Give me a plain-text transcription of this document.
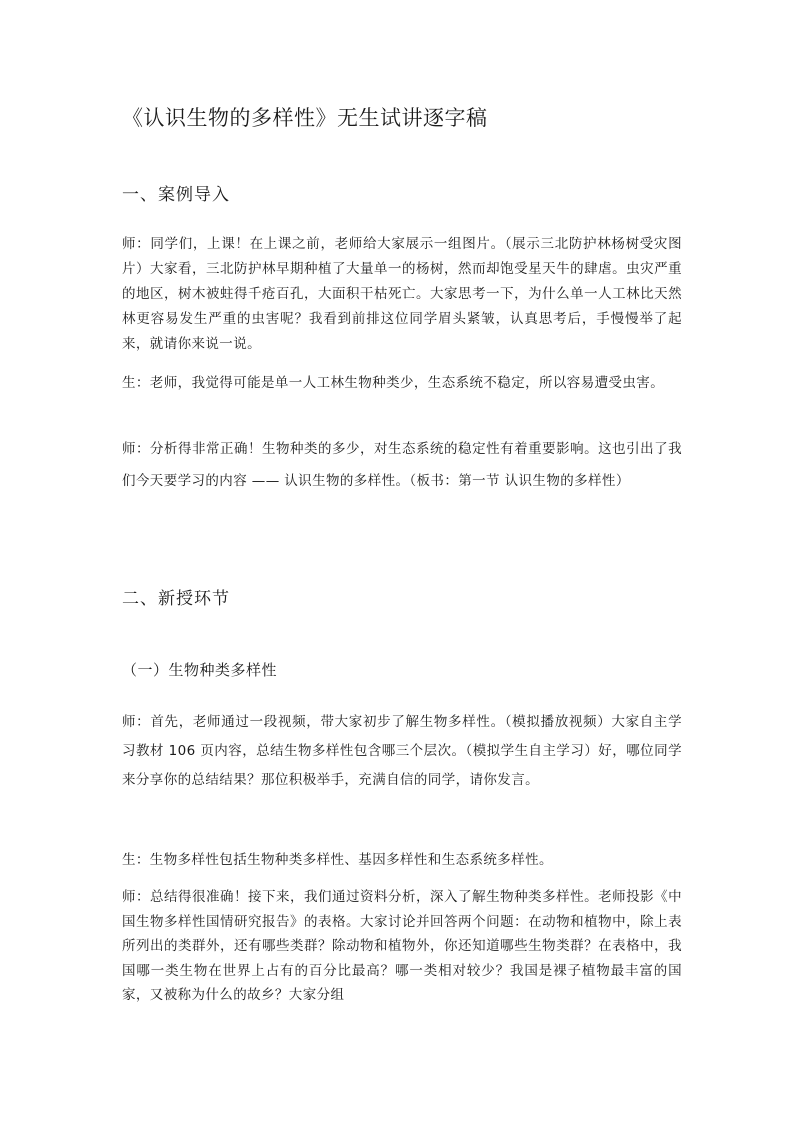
《认识生物的多样性》无生试讲逐字稿
一、案例导入
师：同学们，上课！在上课之前，老师给大家展示一组图片。（展示三北防护林杨树受灾图片）大家看，三北防护林早期种植了大量单一的杨树，然而却饱受星天牛的肆虐。虫灾严重的地区，树木被蛀得千疮百孔，大面积干枯死亡。大家思考一下，为什么单一人工林比天然林更容易发生严重的虫害呢？我看到前排这位同学眉头紧皱，认真思考后，手慢慢举了起来，就请你来说一说。
生：老师，我觉得可能是单一人工林生物种类少，生态系统不稳定，所以容易遭受虫害。
师：分析得非常正确！生物种类的多少，对生态系统的稳定性有着重要影响。这也引出了我们今天要学习的内容 —— 认识生物的多样性。（板书：第一节 认识生物的多样性）
二、新授环节
（一）生物种类多样性
师：首先，老师通过一段视频，带大家初步了解生物多样性。（模拟播放视频）大家自主学习教材 106 页内容，总结生物多样性包含哪三个层次。（模拟学生自主学习）好，哪位同学来分享你的总结结果？那位积极举手，充满自信的同学，请你发言。
生：生物多样性包括生物种类多样性、基因多样性和生态系统多样性。
师：总结得很准确！接下来，我们通过资料分析，深入了解生物种类多样性。老师投影《中国生物多样性国情研究报告》的表格。大家讨论并回答两个问题：在动物和植物中，除上表所列出的类群外，还有哪些类群？除动物和植物外，你还知道哪些生物类群？在表格中，我国哪一类生物在世界上占有的百分比最高？哪一类相对较少？我国是裸子植物最丰富的国家，又被称为什么的故乡？大家分组
